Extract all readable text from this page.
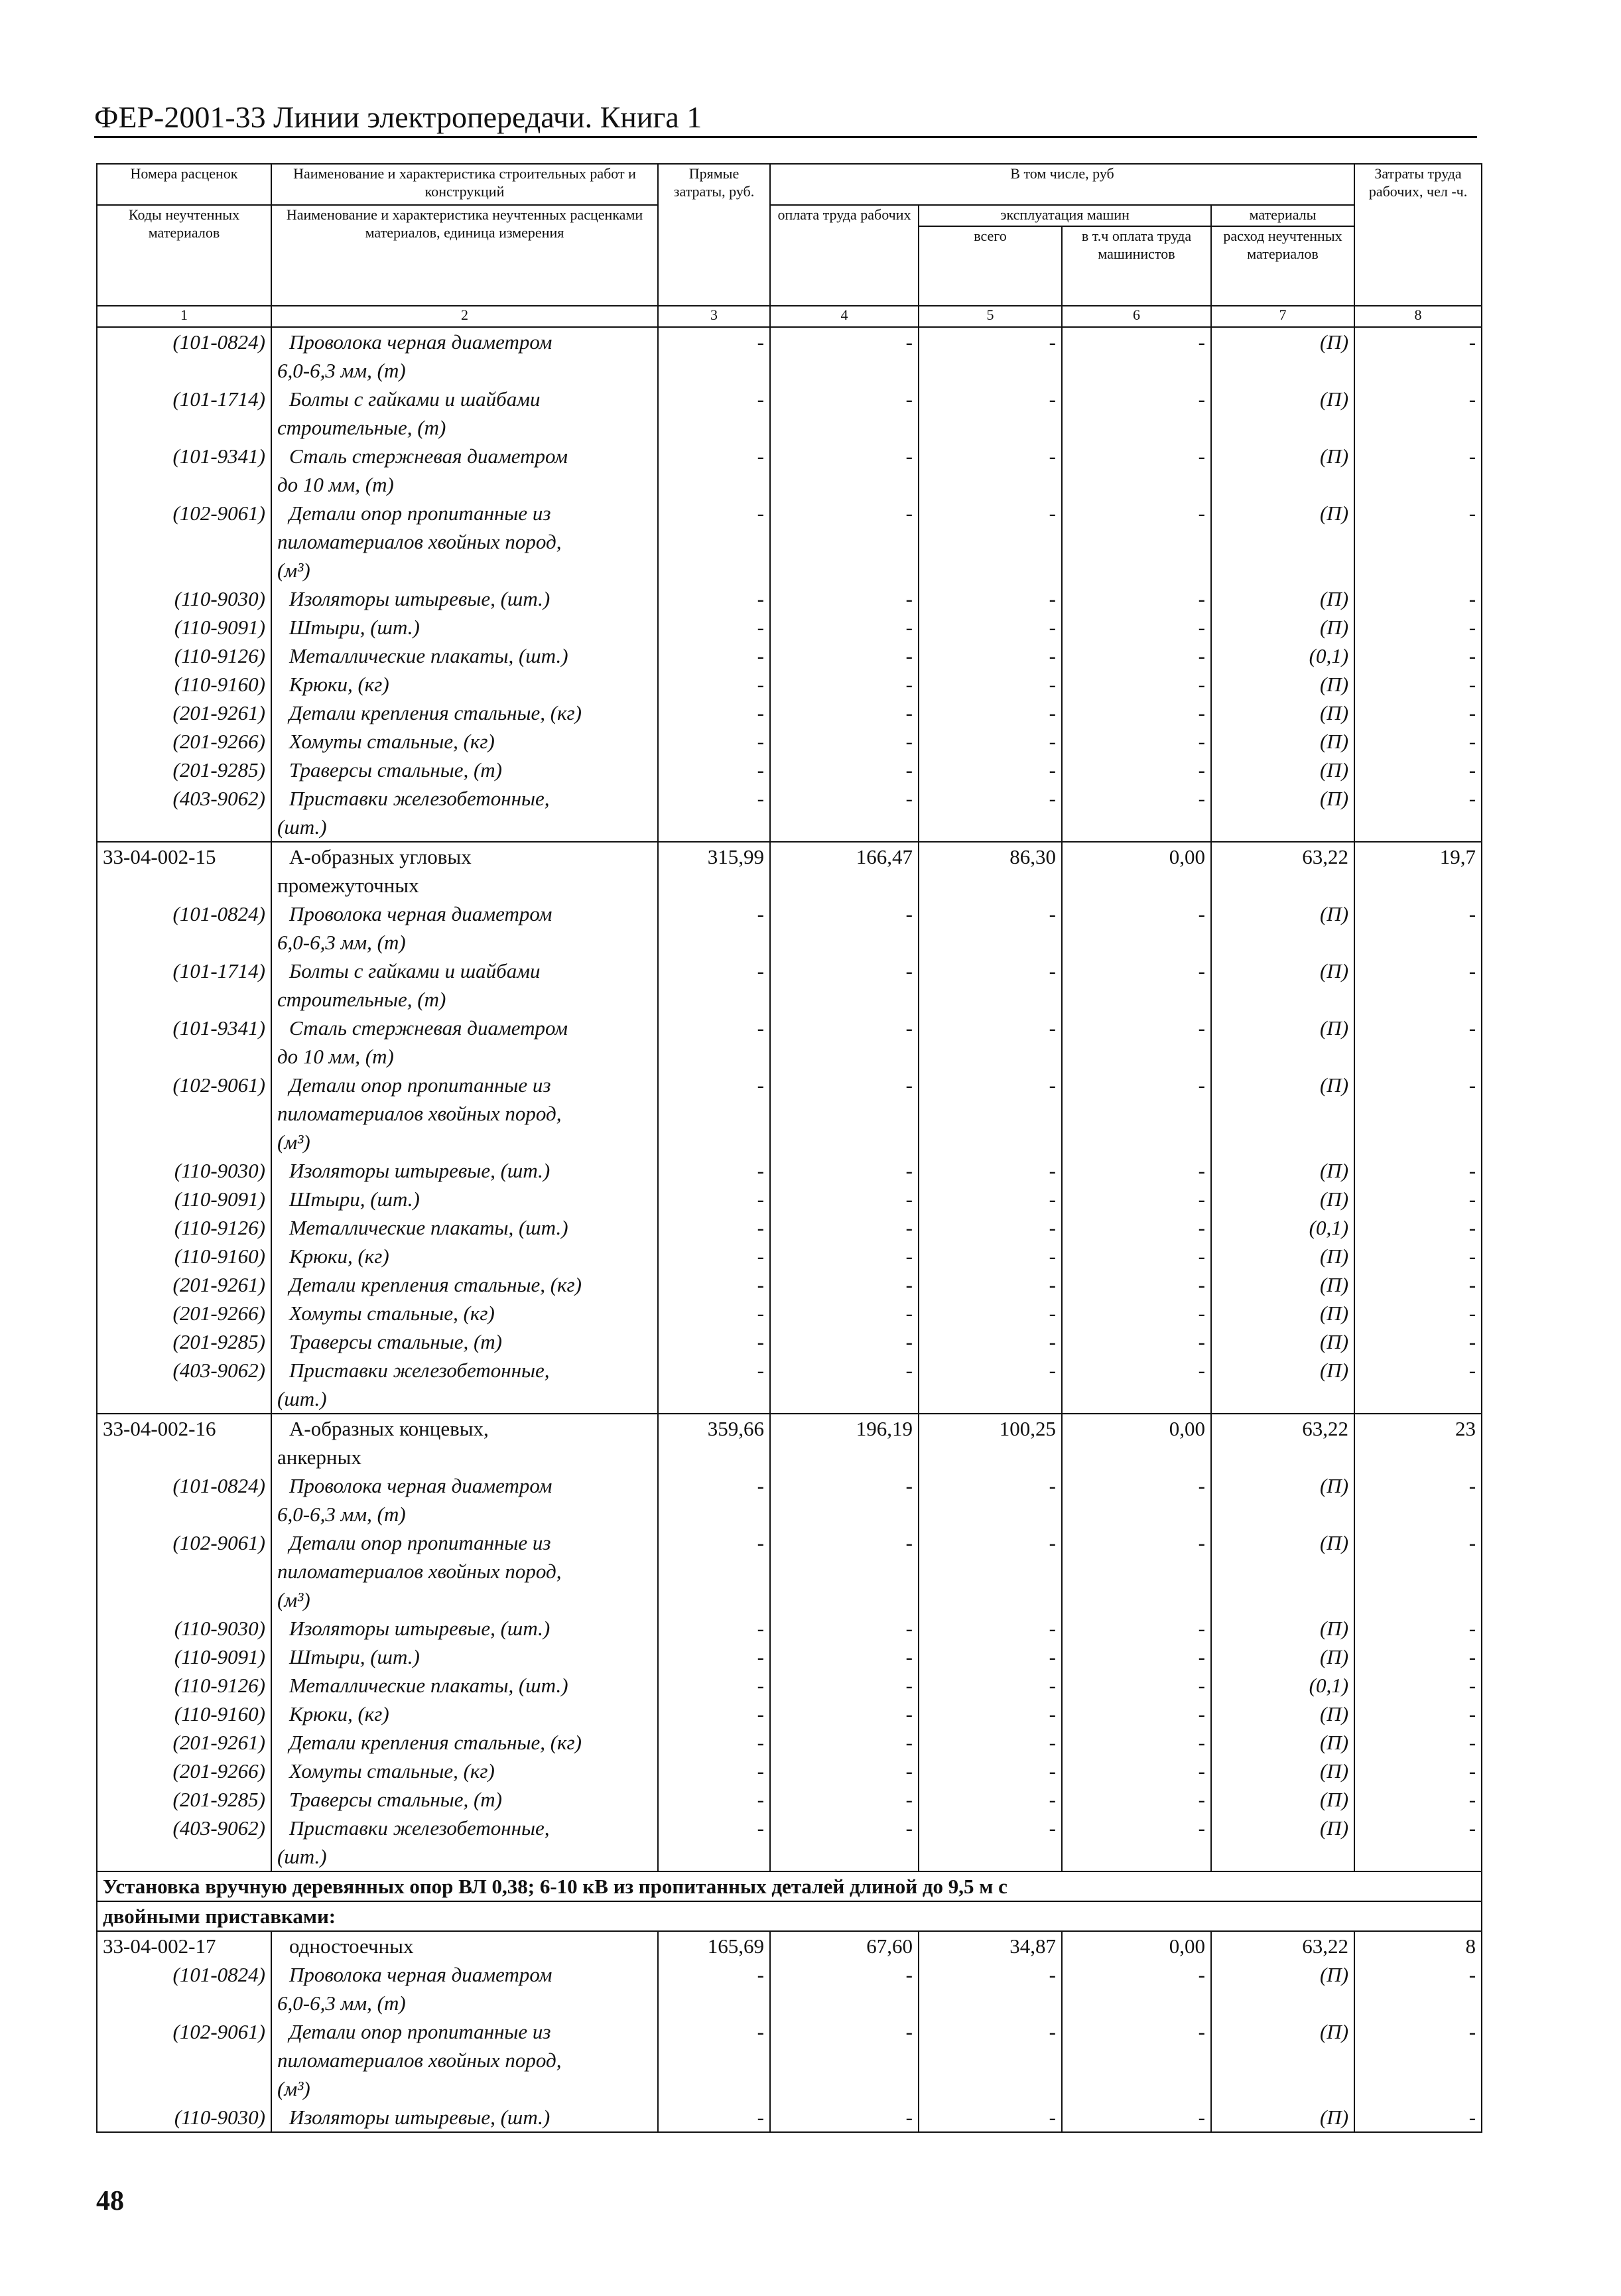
ФЕР-2001-33 Линии электропередачи. Книга 1
Номера расценок	Наименование и характеристика строительных работ и конструкций	Прямые затраты, руб.	В том числе, руб				Затраты труда рабочих, чел -ч.
Коды неучтенных материалов	Наименование и характеристика неучтенных расценками материалов, единица измерения		оплата труда рабочих	эксплуатация машин		материалы	
				всего	в т.ч оплата труда машинистов	расход неучтенных материалов	
1	2	3	4	5	6	7	8
(101-0824)	Проволока черная диаметром	-	-	-	-	(П)	-
	6,0-6,3 мм, (т)						
(101-1714)	Болты с гайками и шайбами	-	-	-	-	(П)	-
	строительные, (т)						
(101-9341)	Сталь стержневая диаметром	-	-	-	-	(П)	-
	до 10 мм, (т)						
(102-9061)	Детали опор пропитанные из	-	-	-	-	(П)	-
	пиломатериалов хвойных пород,						
	(м³)						
(110-9030)	Изоляторы штыревые, (шт.)	-	-	-	-	(П)	-
(110-9091)	Штыри, (шт.)	-	-	-	-	(П)	-
(110-9126)	Металлические плакаты, (шт.)	-	-	-	-	(0,1)	-
(110-9160)	Крюки, (кг)	-	-	-	-	(П)	-
(201-9261)	Детали крепления стальные, (кг)	-	-	-	-	(П)	-
(201-9266)	Хомуты стальные, (кг)	-	-	-	-	(П)	-
(201-9285)	Траверсы стальные, (т)	-	-	-	-	(П)	-
(403-9062)	Приставки железобетонные,	-	-	-	-	(П)	-
	(шт.)						
33-04-002-15	А-образных угловых	315,99	166,47	86,30	0,00	63,22	19,7
	промежуточных						
(101-0824)	Проволока черная диаметром	-	-	-	-	(П)	-
	6,0-6,3 мм, (т)						
(101-1714)	Болты с гайками и шайбами	-	-	-	-	(П)	-
	строительные, (т)						
(101-9341)	Сталь стержневая диаметром	-	-	-	-	(П)	-
	до 10 мм, (т)						
(102-9061)	Детали опор пропитанные из	-	-	-	-	(П)	-
	пиломатериалов хвойных пород,						
	(м³)						
(110-9030)	Изоляторы штыревые, (шт.)	-	-	-	-	(П)	-
(110-9091)	Штыри, (шт.)	-	-	-	-	(П)	-
(110-9126)	Металлические плакаты, (шт.)	-	-	-	-	(0,1)	-
(110-9160)	Крюки, (кг)	-	-	-	-	(П)	-
(201-9261)	Детали крепления стальные, (кг)	-	-	-	-	(П)	-
(201-9266)	Хомуты стальные, (кг)	-	-	-	-	(П)	-
(201-9285)	Траверсы стальные, (т)	-	-	-	-	(П)	-
(403-9062)	Приставки железобетонные,	-	-	-	-	(П)	-
	(шт.)						
33-04-002-16	А-образных концевых,	359,66	196,19	100,25	0,00	63,22	23
	анкерных						
(101-0824)	Проволока черная диаметром	-	-	-	-	(П)	-
	6,0-6,3 мм, (т)						
(102-9061)	Детали опор пропитанные из	-	-	-	-	(П)	-
	пиломатериалов хвойных пород,						
	(м³)						
(110-9030)	Изоляторы штыревые, (шт.)	-	-	-	-	(П)	-
(110-9091)	Штыри, (шт.)	-	-	-	-	(П)	-
(110-9126)	Металлические плакаты, (шт.)	-	-	-	-	(0,1)	-
(110-9160)	Крюки, (кг)	-	-	-	-	(П)	-
(201-9261)	Детали крепления стальные, (кг)	-	-	-	-	(П)	-
(201-9266)	Хомуты стальные, (кг)	-	-	-	-	(П)	-
(201-9285)	Траверсы стальные, (т)	-	-	-	-	(П)	-
(403-9062)	Приставки железобетонные,	-	-	-	-	(П)	-
	(шт.)						
Установка вручную деревянных опор ВЛ 0,38; 6-10 кВ из пропитанных деталей длиной до 9,5 м с							
двойными приставками:							
33-04-002-17	одностоечных	165,69	67,60	34,87	0,00	63,22	8
(101-0824)	Проволока черная диаметром	-	-	-	-	(П)	-
	6,0-6,3 мм, (т)						
(102-9061)	Детали опор пропитанные из	-	-	-	-	(П)	-
	пиломатериалов хвойных пород,						
	(м³)						
(110-9030)	Изоляторы штыревые, (шт.)	-	-	-	-	(П)	-
48
